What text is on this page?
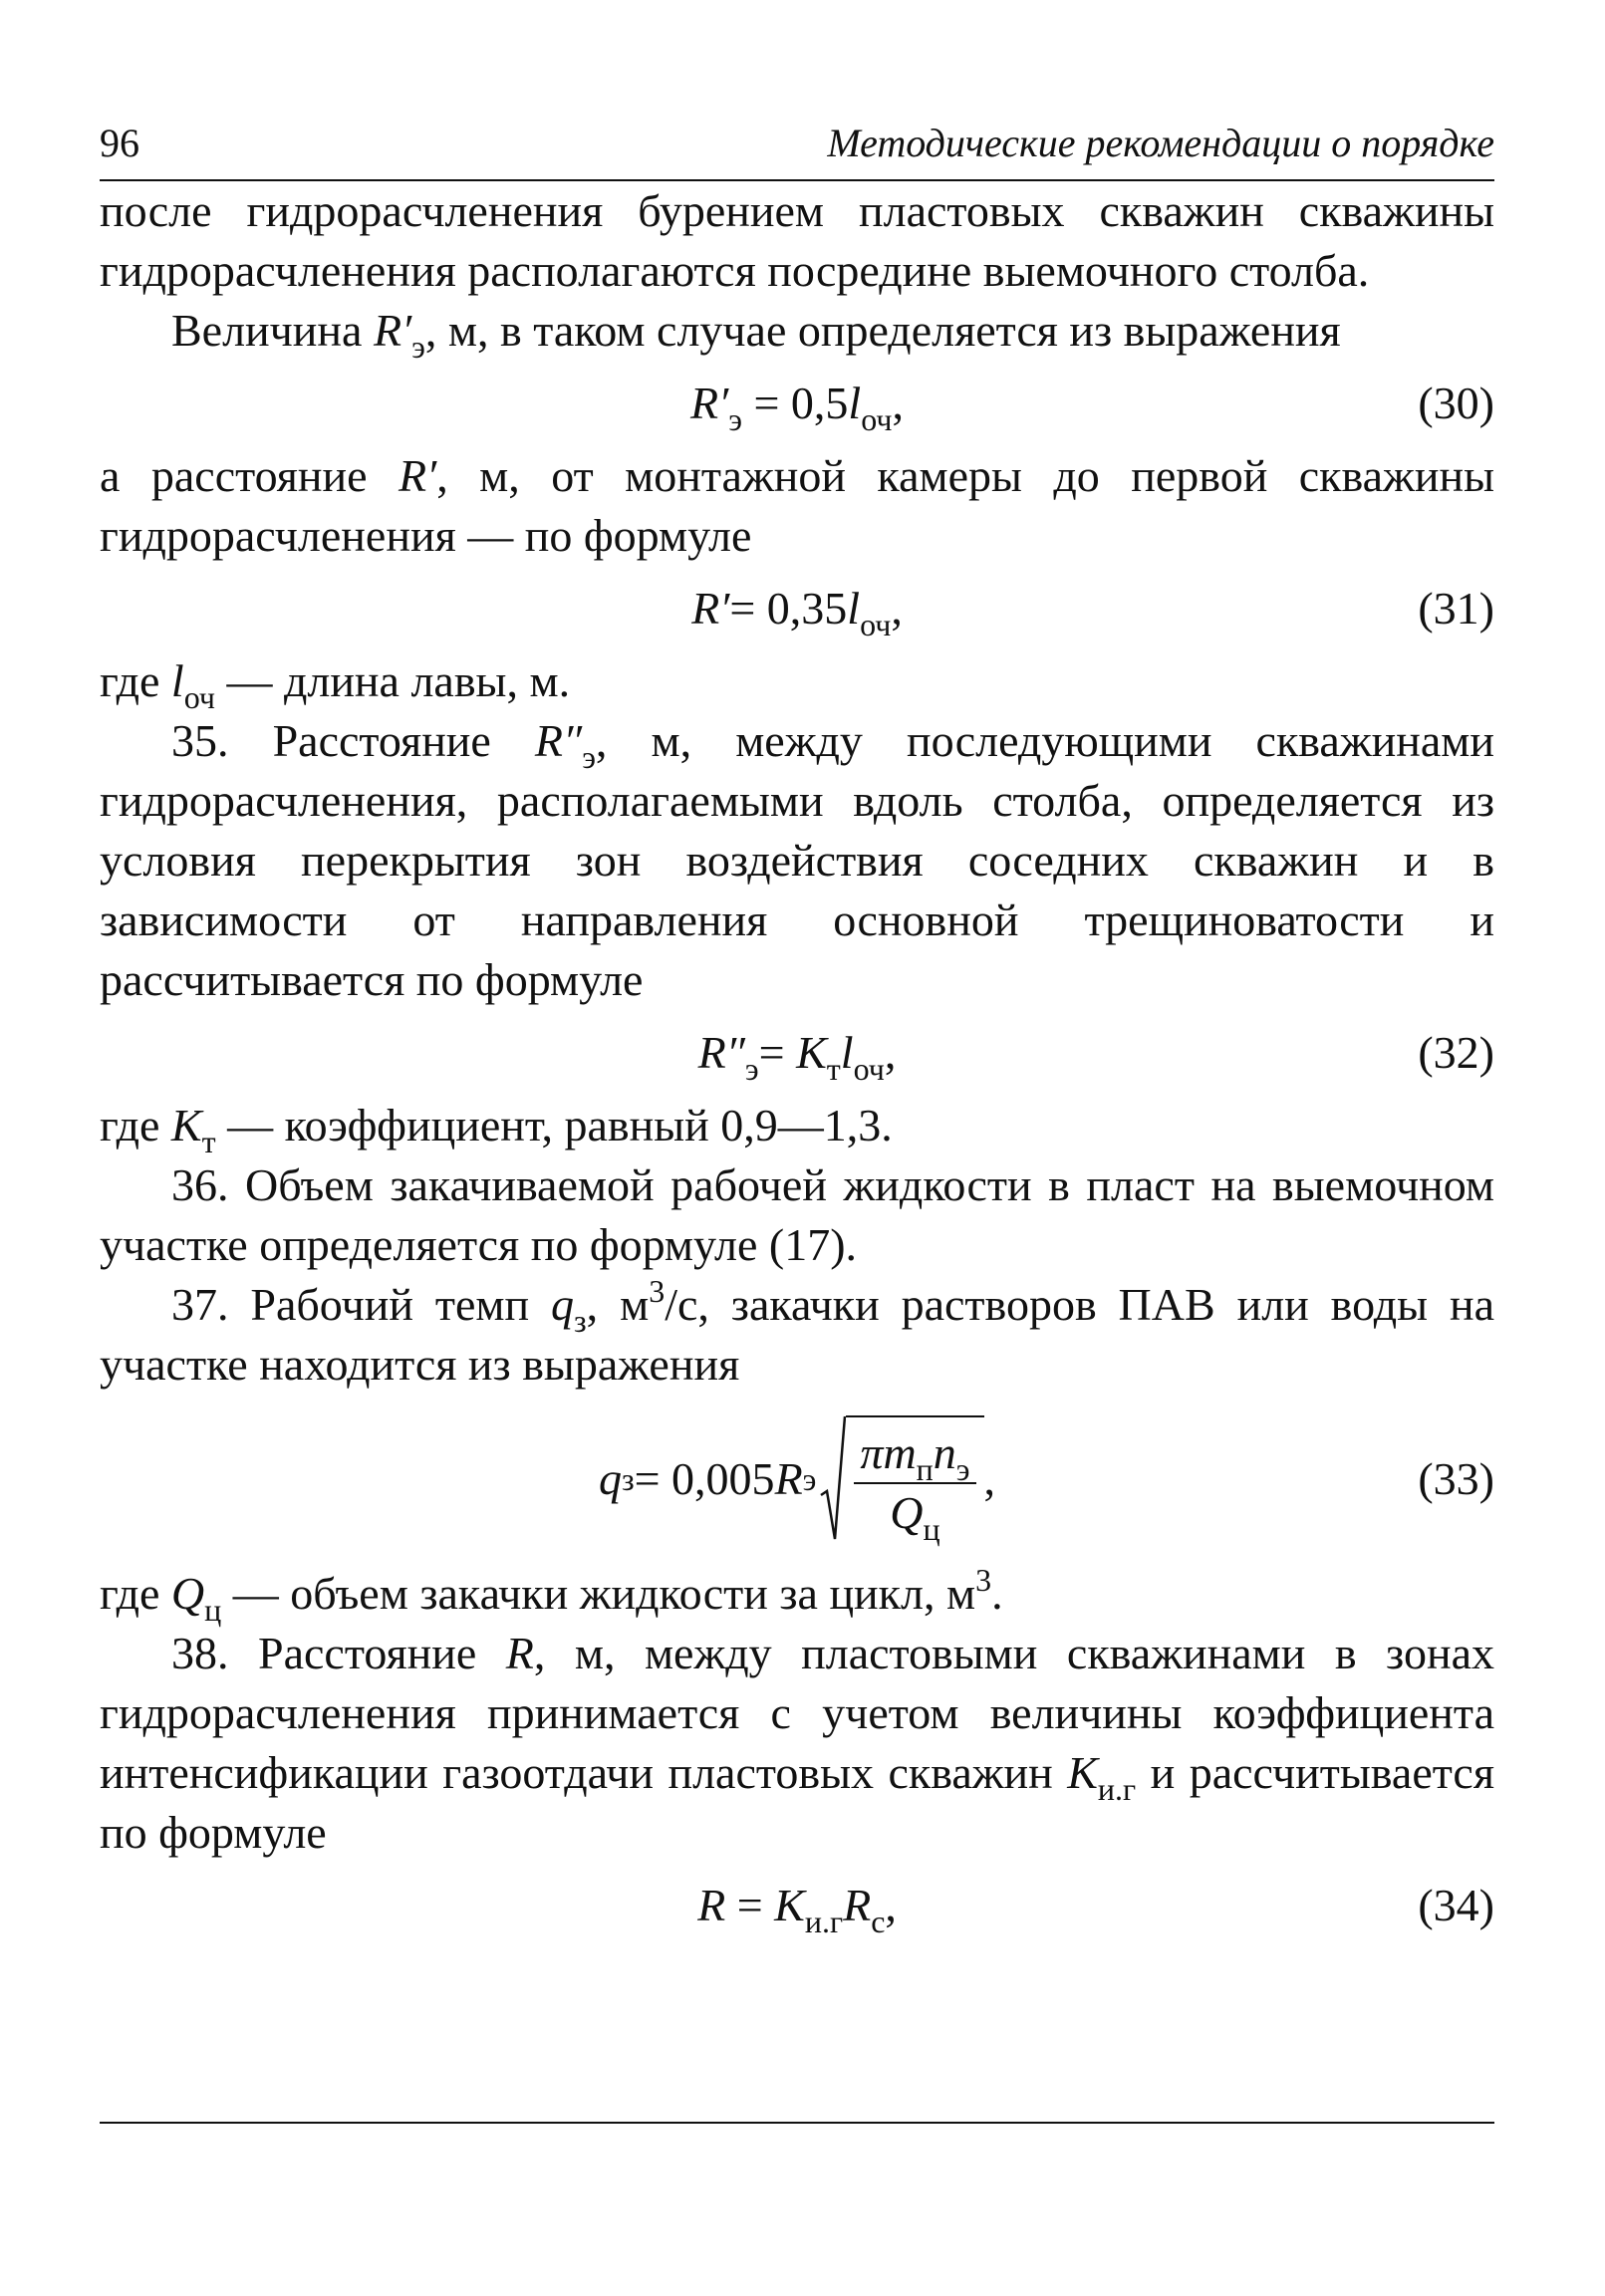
96	Методические рекомендации о порядке

после гидрорасчленения бурением пластовых скважин скважины гидрорасчленения располагаются посредине выемочного столба.

Величина $R'_э$, м, в таком случае определяется из выражения

$R'_э = 0,5l_{оч}$,	(30)

а расстояние R′, м, от монтажной камеры до первой скважины гидрорасчленения — по формуле

$R'= 0,35l_{оч}$,	(31)

где $l_{оч}$ — длина лавы, м.

35. Расстояние $R''_э$, м, между последующими скважинами гидрорасчленения, располагаемыми вдоль столба, определяется из условия перекрытия зон воздействия соседних скважин и в зависимости от направления основной трещиноватости и рассчитывается по формуле

$R''_э= K_тl_{оч}$,	(32)

где $K_т$ — коэффициент, равный 0,9—1,3.

36. Объем закачиваемой рабочей жидкости в пласт на выемочном участке определяется по формуле (17).

37. Рабочий темп $q_з$, $м^3/с$, закачки растворов ПАВ или воды на участке находится из выражения

q з = 0,005 R э $\frac{\pi m_пn_э}{Q_ц}$ ,	(33)

где $Q_ц$ — объем закачки жидкости за цикл, $м^3$.

38. Расстояние R, м, между пластовыми скважинами в зонах гидрорасчленения принимается с учетом величины коэффициента интенсификации газоотдачи пластовых скважин $K_{и.г}$ и рассчитывается по формуле

$R = K_{и.г}R_с$,	(34)
